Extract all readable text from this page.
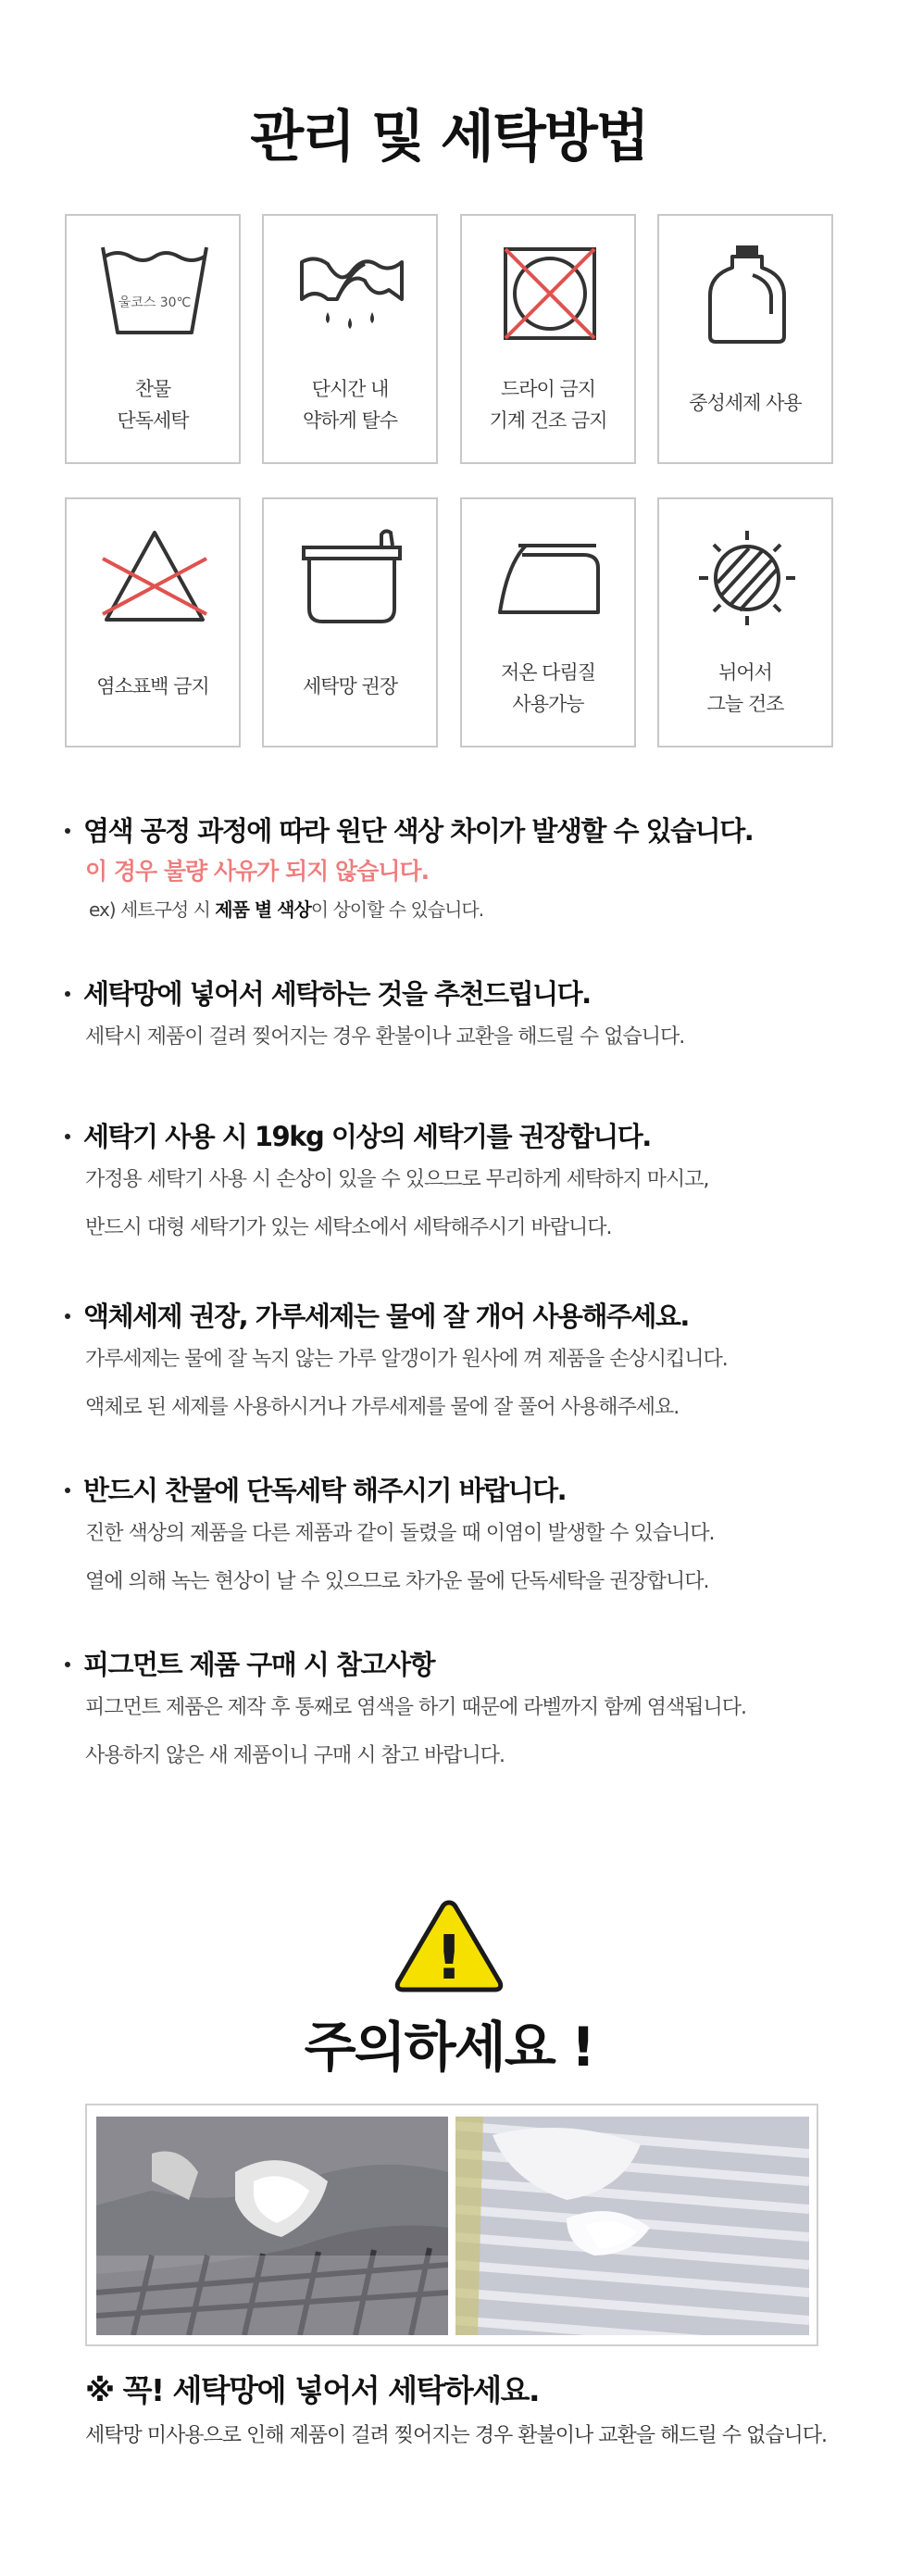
관리 및 세탁방법
울코스 30℃
찬물
단독세탁
단시간 내
약하게 탈수
드라이 금지
기계 건조 금지
중성세제 사용
염소표백 금지	세탁망 권장
저온 다림질
사용가능
뉘어서
그늘 건조
염색 공정 과정에 따라 원단 색상 차이가 발생할 수 있습니다.
이 경우 불량 사유가 되지 않습니다.
ex) 세트구성 시 제품 별 색상이 상이할 수 있습니다.
세탁망에 넣어서 세탁하는 것을 추천드립니다.
세탁시 제품이 걸려 찢어지는 경우 환불이나 교환을 해드릴 수 없습니다.
세탁기 사용 시 19kg 이상의 세탁기를 권장합니다.
가정용 세탁기 사용 시 손상이 있을 수 있으므로 무리하게 세탁하지 마시고,
반드시 대형 세탁기가 있는 세탁소에서 세탁해주시기 바랍니다.
액체세제 권장, 가루세제는 물에 잘 개어 사용해주세요.
가루세제는 물에 잘 녹지 않는 가루 알갱이가 원사에 껴 제품을 손상시킵니다.
액체로 된 세제를 사용하시거나 가루세제를 물에 잘 풀어 사용해주세요.
반드시 찬물에 단독세탁 해주시기 바랍니다.
진한 색상의 제품을 다른 제품과 같이 돌렸을 때 이염이 발생할 수 있습니다.
열에 의해 녹는 현상이 날 수 있으므로 차가운 물에 단독세탁을 권장합니다.
피그먼트 제품 구매 시 참고사항
피그먼트 제품은 제작 후 통째로 염색을 하기 때문에 라벨까지 함께 염색됩니다.
사용하지 않은 새 제품이니 구매 시 참고 바랍니다.
!
주의하세요 !
※ 꼭! 세탁망에 넣어서 세탁하세요.
세탁망 미사용으로 인해 제품이 걸려 찢어지는 경우 환불이나 교환을 해드릴 수 없습니다.
